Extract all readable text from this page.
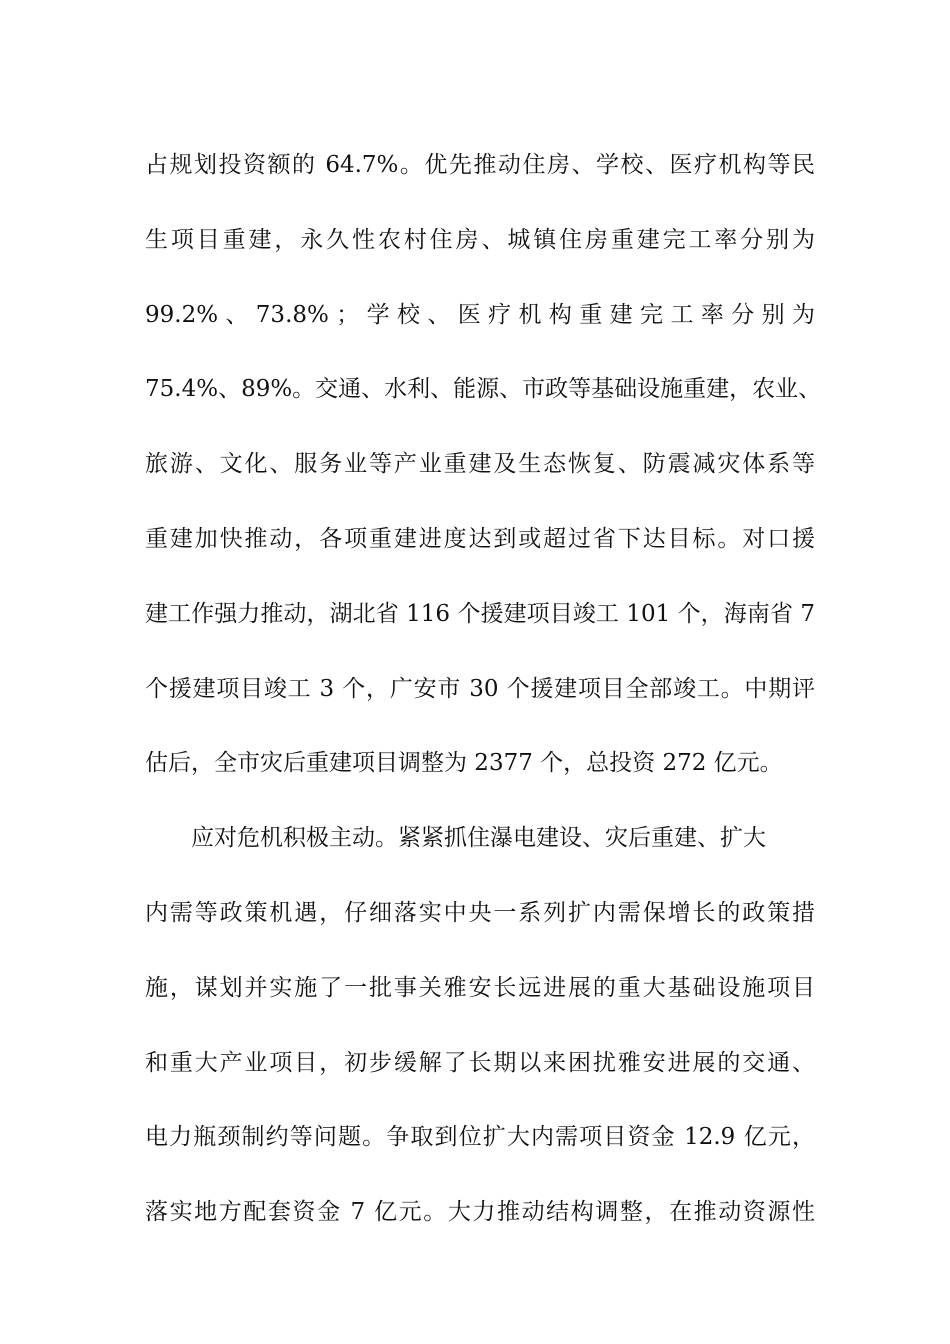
占规划投资额的 64.7%。优先推动住房、学校、医疗机构等民
生项目重建，永久性农村住房、城镇住房重建完工率分别为
99.2% 、 73.8% ； 学 校 、 医 疗 机 构 重 建 完 工 率 分 别 为
75.4%、89%。交通、水利、能源、市政等基础设施重建，农业、
旅游、文化、服务业等产业重建及生态恢复、防震减灾体系等
重建加快推动，各项重建进度达到或超过省下达目标。对口援
建工作强力推动，湖北省 116 个援建项目竣工 101 个，海南省 7
个援建项目竣工 3 个，广安市 30 个援建项目全部竣工。中期评
估后，全市灾后重建项目调整为 2377 个，总投资 272 亿元。
应对危机积极主动。紧紧抓住瀑电建设、灾后重建、扩大
内需等政策机遇，仔细落实中央一系列扩内需保增长的政策措
施，谋划并实施了一批事关雅安长远进展的重大基础设施项目
和重大产业项目，初步缓解了长期以来困扰雅安进展的交通、
电力瓶颈制约等问题。争取到位扩大内需项目资金 12.9 亿元，
落实地方配套资金 7 亿元。大力推动结构调整，在推动资源性
